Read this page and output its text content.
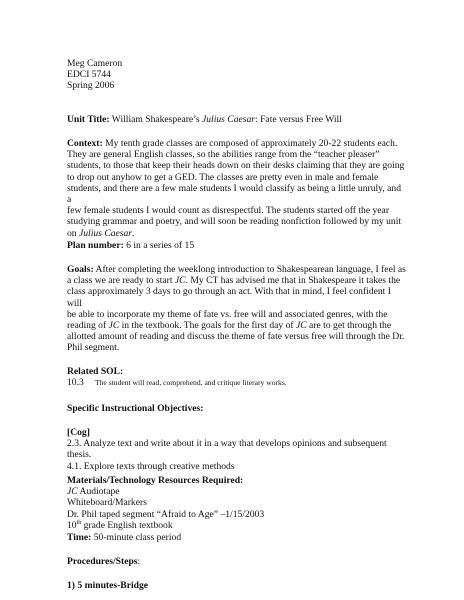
Meg Cameron
EDCI 5744
Spring 2006
Unit Title: William Shakespeare’s Julius Caesar: Fate versus Free Will
Context: My tenth grade classes are composed of approximately 20-22 students each.
They are general English classes, so the abilities range from the “teacher pleaser”
students, to those that keep their heads down on their desks claiming that they are going
to drop out anyhow to get a GED. The classes are pretty even in male and female
students, and there are a few male students I would classify as being a little unruly, and a
few female students I would count as disrespectful. The students started off the year
studying grammar and poetry, and will soon be reading nonfiction followed by my unit
on Julius Caesar.
Plan number: 6 in a series of 15
Goals: After completing the weeklong introduction to Shakespearean language, I feel as
a class we are ready to start JC. My CT has advised me that in Shakespeare it takes the
class approximately 3 days to go through an act. With that in mind, I feel confident I will
be able to incorporate my theme of fate vs. free will and associated genres, with the
reading of JC in the textbook. The goals for the first day of JC are to get through the
allotted amount of reading and discuss the theme of fate versus free will through the Dr.
Phil segment.
Related SOL:
10.3	The student will read, comprehend, and critique literary works.
Specific Instructional Objectives:
[Cog]
2.3. Analyze text and write about it in a way that develops opinions and subsequent
thesis.
4.1. Explore texts through creative methods
Materials/Technology Resources Required:
JC Audiotape
Whiteboard/Markers
Dr. Phil taped segment “Afraid to Age” –1/15/2003
10th grade English textbook
Time: 50-minute class period
Procedures/Steps:
1) 5 minutes-Bridge
